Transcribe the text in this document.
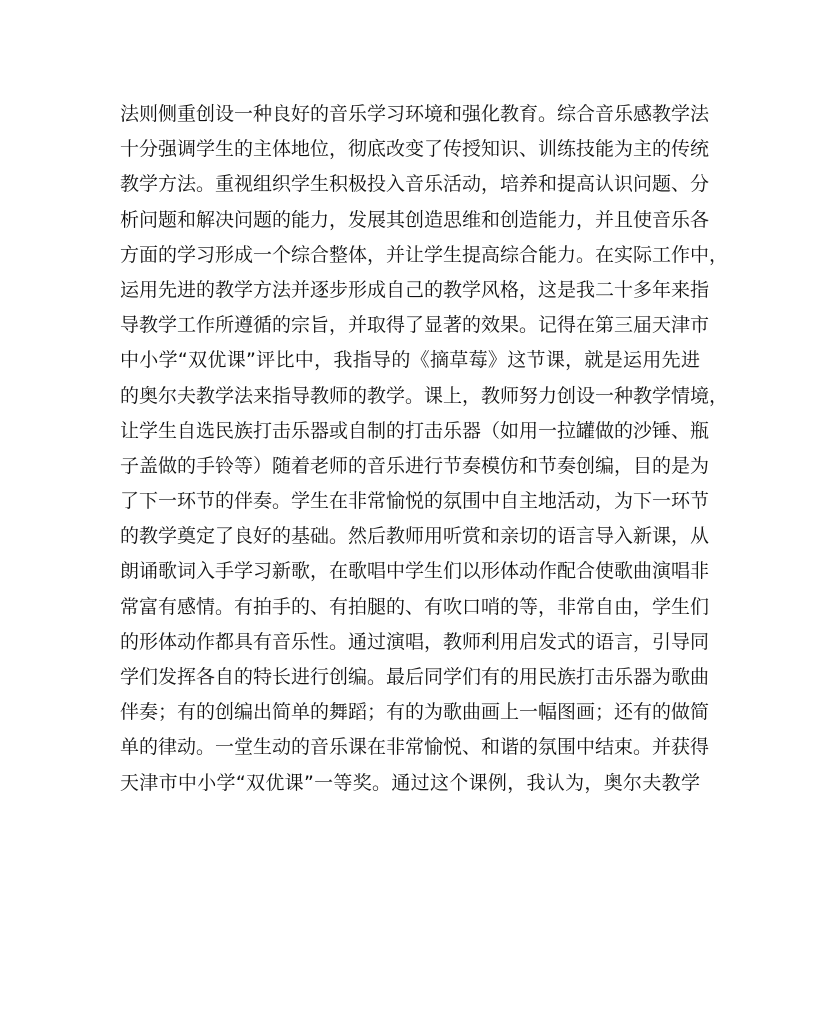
法则侧重创设一种良好的音乐学习环境和强化教育。综合音乐感教学法
十分强调学生的主体地位，彻底改变了传授知识、训练技能为主的传统
教学方法。重视组织学生积极投入音乐活动，培养和提高认识问题、分
析问题和解决问题的能力，发展其创造思维和创造能力，并且使音乐各
方面的学习形成一个综合整体，并让学生提高综合能力。在实际工作中，
运用先进的教学方法并逐步形成自己的教学风格，这是我二十多年来指
导教学工作所遵循的宗旨，并取得了显著的效果。记得在第三届天津市
中小学“双优课”评比中，我指导的《摘草莓》这节课，就是运用先进
的奥尔夫教学法来指导教师的教学。课上，教师努力创设一种教学情境，
让学生自选民族打击乐器或自制的打击乐器（如用一拉罐做的沙锤、瓶
子盖做的手铃等）随着老师的音乐进行节奏模仿和节奏创编，目的是为
了下一环节的伴奏。学生在非常愉悦的氛围中自主地活动，为下一环节
的教学奠定了良好的基础。然后教师用听赏和亲切的语言导入新课，从
朗诵歌词入手学习新歌，在歌唱中学生们以形体动作配合使歌曲演唱非
常富有感情。有拍手的、有拍腿的、有吹口哨的等，非常自由，学生们
的形体动作都具有音乐性。通过演唱，教师利用启发式的语言，引导同
学们发挥各自的特长进行创编。最后同学们有的用民族打击乐器为歌曲
伴奏；有的创编出简单的舞蹈；有的为歌曲画上一幅图画；还有的做简
单的律动。一堂生动的音乐课在非常愉悦、和谐的氛围中结束。并获得
天津市中小学“双优课”一等奖。通过这个课例，我认为，奥尔夫教学
